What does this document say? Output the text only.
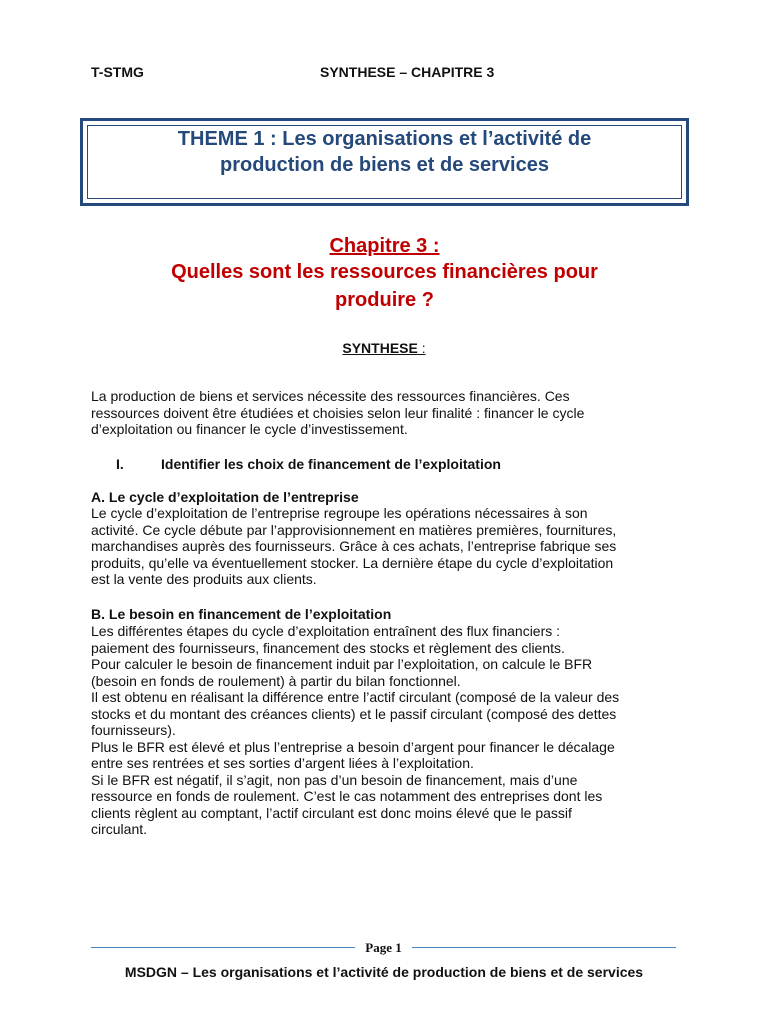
T-STMG	SYNTHESE – CHAPITRE 3
THEME 1 : Les organisations et l’activité de
production de biens et de services
Chapitre 3 :
Quelles sont les ressources financières pour
produire ?
SYNTHESE :
La production de biens et services nécessite des ressources financières. Ces
ressources doivent être étudiées et choisies selon leur finalité : financer le cycle
d’exploitation ou financer le cycle d’investissement.
I.	Identifier les choix de financement de l’exploitation
A. Le cycle d’exploitation de l’entreprise
Le cycle d’exploitation de l’entreprise regroupe les opérations nécessaires à son
activité. Ce cycle débute par l’approvisionnement en matières premières, fournitures,
marchandises auprès des fournisseurs. Grâce à ces achats, l’entreprise fabrique ses
produits, qu’elle va éventuellement stocker. La dernière étape du cycle d’exploitation
est la vente des produits aux clients.
B. Le besoin en financement de l’exploitation
Les différentes étapes du cycle d’exploitation entraînent des flux financiers :
paiement des fournisseurs, financement des stocks et règlement des clients.
Pour calculer le besoin de financement induit par l’exploitation, on calcule le BFR
(besoin en fonds de roulement) à partir du bilan fonctionnel.
Il est obtenu en réalisant la différence entre l’actif circulant (composé de la valeur des
stocks et du montant des créances clients) et le passif circulant (composé des dettes
fournisseurs).
Plus le BFR est élevé et plus l’entreprise a besoin d’argent pour financer le décalage
entre ses rentrées et ses sorties d’argent liées à l’exploitation.
Si le BFR est négatif, il s’agit, non pas d’un besoin de financement, mais d’une
ressource en fonds de roulement. C’est le cas notamment des entreprises dont les
clients règlent au comptant, l’actif circulant est donc moins élevé que le passif
circulant.
Page 1
MSDGN – Les organisations et l’activité de production de biens et de services
